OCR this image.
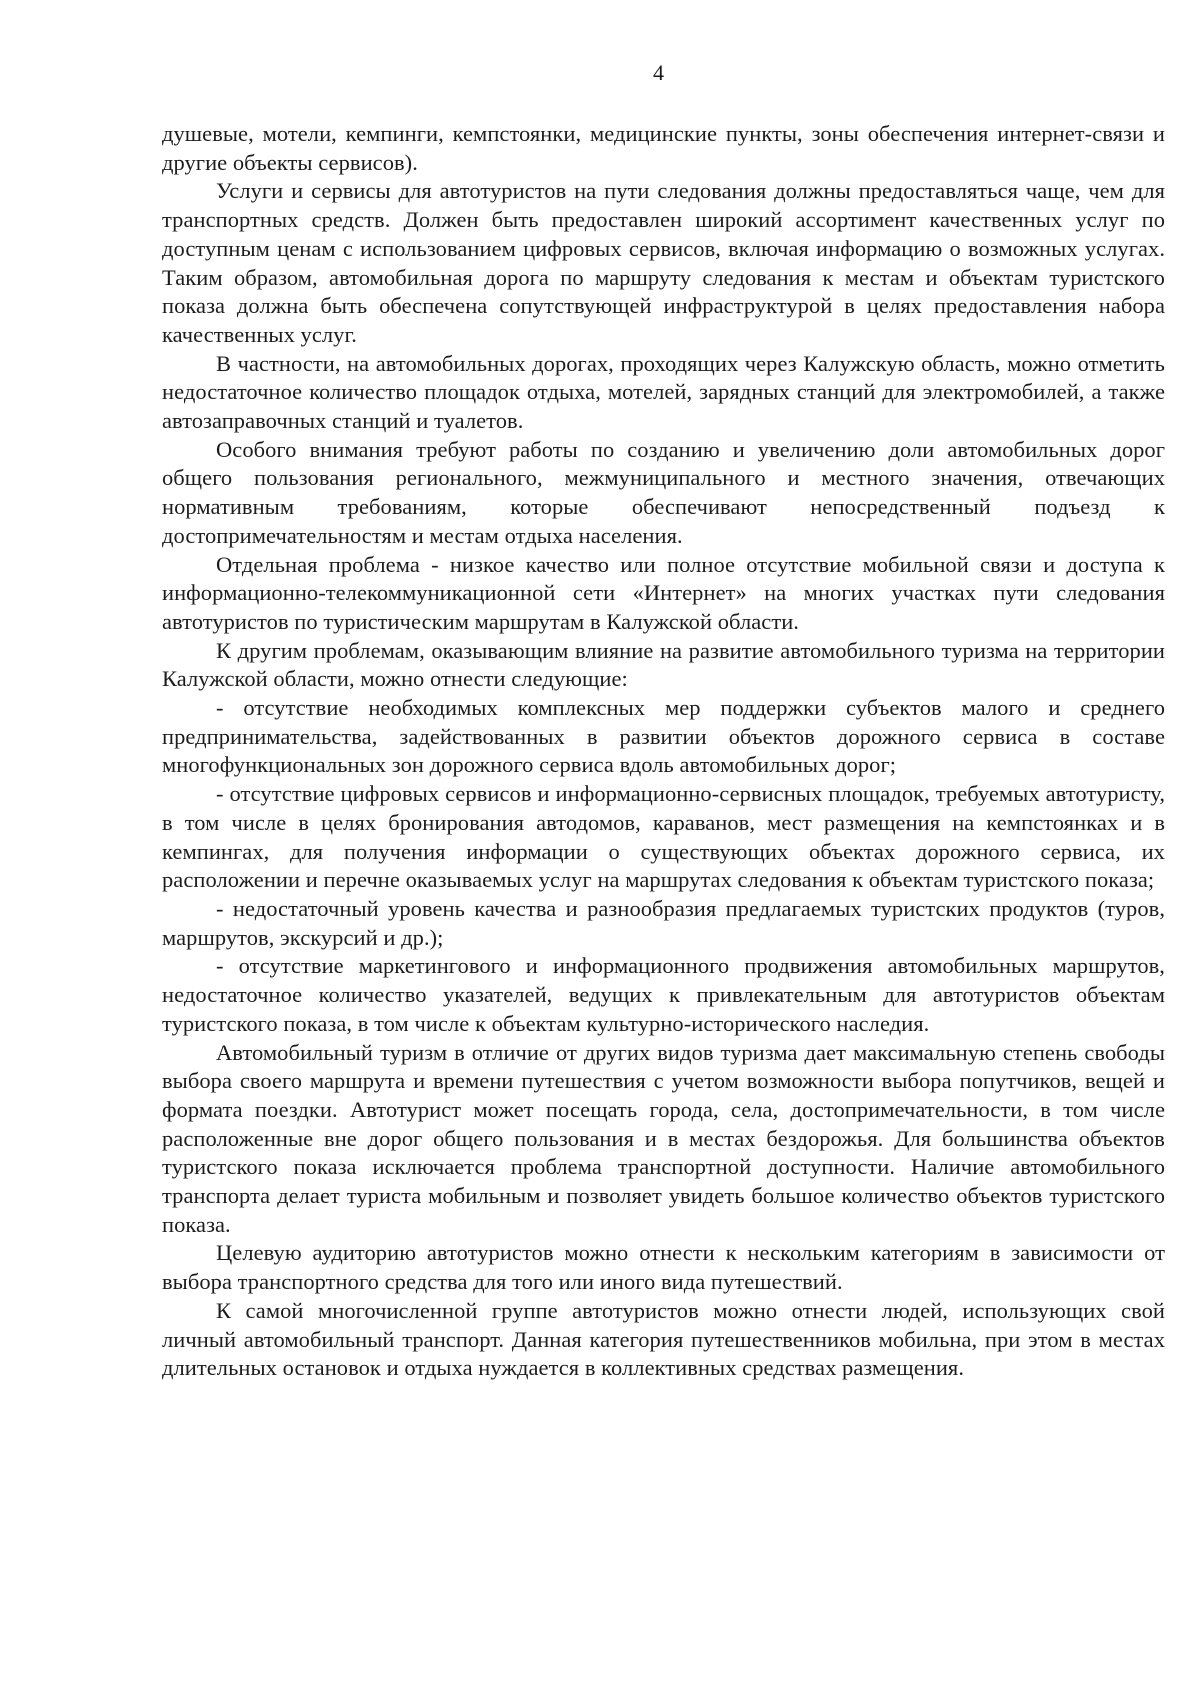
4

душевые, мотели, кемпинги, кемпстоянки, медицинские пункты, зоны обеспечения интернет-связи и другие объекты сервисов).

Услуги и сервисы для автотуристов на пути следования должны предоставляться чаще, чем для транспортных средств. Должен быть предоставлен широкий ассортимент качественных услуг по доступным ценам с использованием цифровых сервисов, включая информацию о возможных услугах. Таким образом, автомобильная дорога по маршруту следования к местам и объектам туристского показа должна быть обеспечена сопутствующей инфраструктурой в целях предоставления набора качественных услуг.

В частности, на автомобильных дорогах, проходящих через Калужскую область, можно отметить недостаточное количество площадок отдыха, мотелей, зарядных станций для электромобилей, а также автозаправочных станций и туалетов.

Особого внимания требуют работы по созданию и увеличению доли автомобильных дорог общего пользования регионального, межмуниципального и местного значения, отвечающих нормативным требованиям, которые обеспечивают непосредственный подъезд к достопримечательностям и местам отдыха населения.

Отдельная проблема - низкое качество или полное отсутствие мобильной связи и доступа к информационно-телекоммуникационной сети «Интернет» на многих участках пути следования автотуристов по туристическим маршрутам в Калужской области.

К другим проблемам, оказывающим влияние на развитие автомобильного туризма на территории Калужской области, можно отнести следующие:

- отсутствие необходимых комплексных мер поддержки субъектов малого и среднего предпринимательства, задействованных в развитии объектов дорожного сервиса в составе многофункциональных зон дорожного сервиса вдоль автомобильных дорог;

- отсутствие цифровых сервисов и информационно-сервисных площадок, требуемых автотуристу, в том числе в целях бронирования автодомов, караванов, мест размещения на кемпстоянках и в кемпингах, для получения информации о существующих объектах дорожного сервиса, их расположении и перечне оказываемых услуг на маршрутах следования к объектам туристского показа;

- недостаточный уровень качества и разнообразия предлагаемых туристских продуктов (туров, маршрутов, экскурсий и др.);

- отсутствие маркетингового и информационного продвижения автомобильных маршрутов, недостаточное количество указателей, ведущих к привлекательным для автотуристов объектам туристского показа, в том числе к объектам культурно-исторического наследия.

Автомобильный туризм в отличие от других видов туризма дает максимальную степень свободы выбора своего маршрута и времени путешествия с учетом возможности выбора попутчиков, вещей и формата поездки. Автотурист может посещать города, села, достопримечательности, в том числе расположенные вне дорог общего пользования и в местах бездорожья. Для большинства объектов туристского показа исключается проблема транспортной доступности. Наличие автомобильного транспорта делает туриста мобильным и позволяет увидеть большое количество объектов туристского показа.

Целевую аудиторию автотуристов можно отнести к нескольким категориям в зависимости от выбора транспортного средства для того или иного вида путешествий.

К самой многочисленной группе автотуристов можно отнести людей, использующих свой личный автомобильный транспорт. Данная категория путешественников мобильна, при этом в местах длительных остановок и отдыха нуждается в коллективных средствах размещения.
